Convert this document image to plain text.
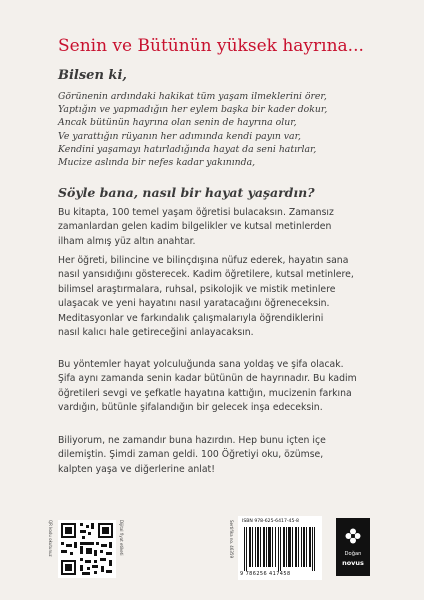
Senin ve Bütünün yüksek hayrına...
Bilsen ki,
Görünenin ardındaki hakikat tüm yaşam ilmeklerini örer,
Yaptığın ve yapmadığın her eylem başka bir kader dokur,
Ancak bütünün hayrına olan senin de hayrına olur,
Ve yarattığın rüyanın her adımında kendi payın var,
Kendini yaşamayı hatırladığında hayat da seni hatırlar,
Mucize aslında bir nefes kadar yakınında,
Söyle bana, nasıl bir hayat yaşardın?
Bu kitapta, 100 temel yaşam öğretisi bulacaksın. Zamansız
zamanlardan gelen kadim bilgelikler ve kutsal metinlerden
ilham almış yüz altın anahtar.
Her öğreti, bilincine ve bilinçdışına nüfuz ederek, hayatın sana
nasıl yansıdığını gösterecek. Kadim öğretilere, kutsal metinlere,
bilimsel araştırmalara, ruhsal, psikolojik ve mistik metinlere
ulaşacak ve yeni hayatını nasıl yaratacağını öğreneceksin.
Meditasyonlar ve farkındalık çalışmalarıyla öğrendiklerini
nasıl kalıcı hale getireceğini anlayacaksın.
Bu yöntemler hayat yolculuğunda sana yoldaş ve şifa olacak.
Şifa aynı zamanda senin kadar bütünün de hayrınadır. Bu kadim
öğretileri sevgi ve şefkatle hayatına kattığın, mucizenin farkına
vardığın, bütünle şifalandığın bir gelecek inşa edeceksin.
Biliyorum, ne zamandır buna hazırdın. Hep bunu içten içe
dilemiştin. Şimdi zaman geldi. 100 Öğretiyi oku, özümse,
kalpten yaşa ve diğerlerine anlat!
QR kodu okutunuz	Dijital fiyat etiketi	Sertifika no. 46359 ISBN 978-625-6417-45-8
9 786256 417458
Doğan
novus
